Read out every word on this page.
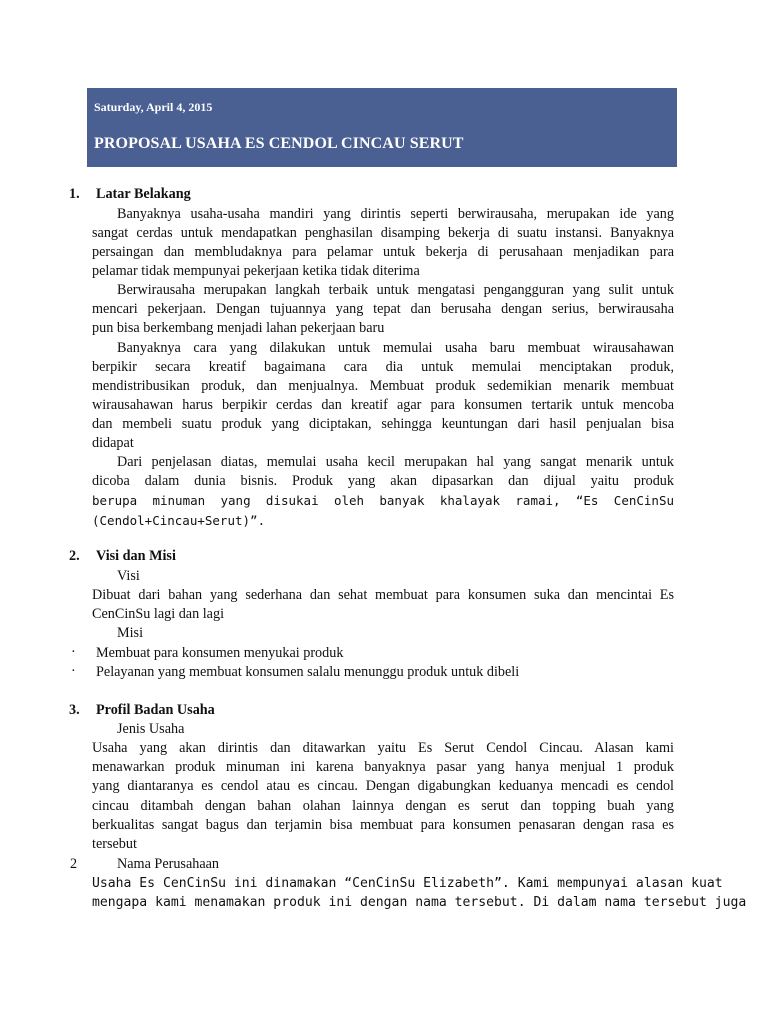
Saturday, April 4, 2015
PROPOSAL USAHA ES CENDOL CINCAU SERUT
1. Latar Belakang
Banyaknya usaha-usaha mandiri yang dirintis seperti berwirausaha, merupakan ide yang
sangat cerdas untuk mendapatkan penghasilan disamping bekerja di suatu instansi. Banyaknya
persaingan dan membludaknya para pelamar untuk bekerja di perusahaan menjadikan para
pelamar tidak mempunyai pekerjaan ketika tidak diterima
Berwirausaha merupakan langkah terbaik untuk mengatasi pengangguran yang sulit untuk
mencari pekerjaan. Dengan tujuannya yang tepat dan berusaha dengan serius, berwirausaha
pun bisa berkembang menjadi lahan pekerjaan baru
Banyaknya cara yang dilakukan untuk memulai usaha baru membuat wirausahawan
berpikir secara kreatif bagaimana cara dia untuk memulai menciptakan produk,
mendistribusikan produk, dan menjualnya. Membuat produk sedemikian menarik membuat
wirausahawan harus berpikir cerdas dan kreatif agar para konsumen tertarik untuk mencoba
dan membeli suatu produk yang diciptakan, sehingga keuntungan dari hasil penjualan bisa
didapat
Dari penjelasan diatas, memulai usaha kecil merupakan hal yang sangat menarik untuk
dicoba dalam dunia bisnis. Produk yang akan dipasarkan dan dijual yaitu produk
berupa minuman yang disukai oleh banyak khalayak ramai, “Es CenCinSu
(Cendol+Cincau+Serut)”.
2. Visi dan Misi
Visi
Dibuat dari bahan yang sederhana dan sehat membuat para konsumen suka dan mencintai Es
CenCinSu lagi dan lagi
Misi
· Membuat para konsumen menyukai produk
· Pelayanan yang membuat konsumen salalu menunggu produk untuk dibeli
3. Profil Badan Usaha
Jenis Usaha
Usaha yang akan dirintis dan ditawarkan yaitu Es Serut Cendol Cincau. Alasan kami
menawarkan produk minuman ini karena banyaknya pasar yang hanya menjual 1 produk
yang diantaranya es cendol atau es cincau. Dengan digabungkan keduanya mencadi es cendol
cincau ditambah dengan bahan olahan lainnya dengan es serut dan topping buah yang
berkualitas sangat bagus dan terjamin bisa membuat para konsumen penasaran dengan rasa es
tersebut
2	Nama Perusahaan
Usaha Es CenCinSu ini dinamakan “CenCinSu Elizabeth”. Kami mempunyai alasan kuat
mengapa kami menamakan produk ini dengan nama tersebut. Di dalam nama tersebut juga
